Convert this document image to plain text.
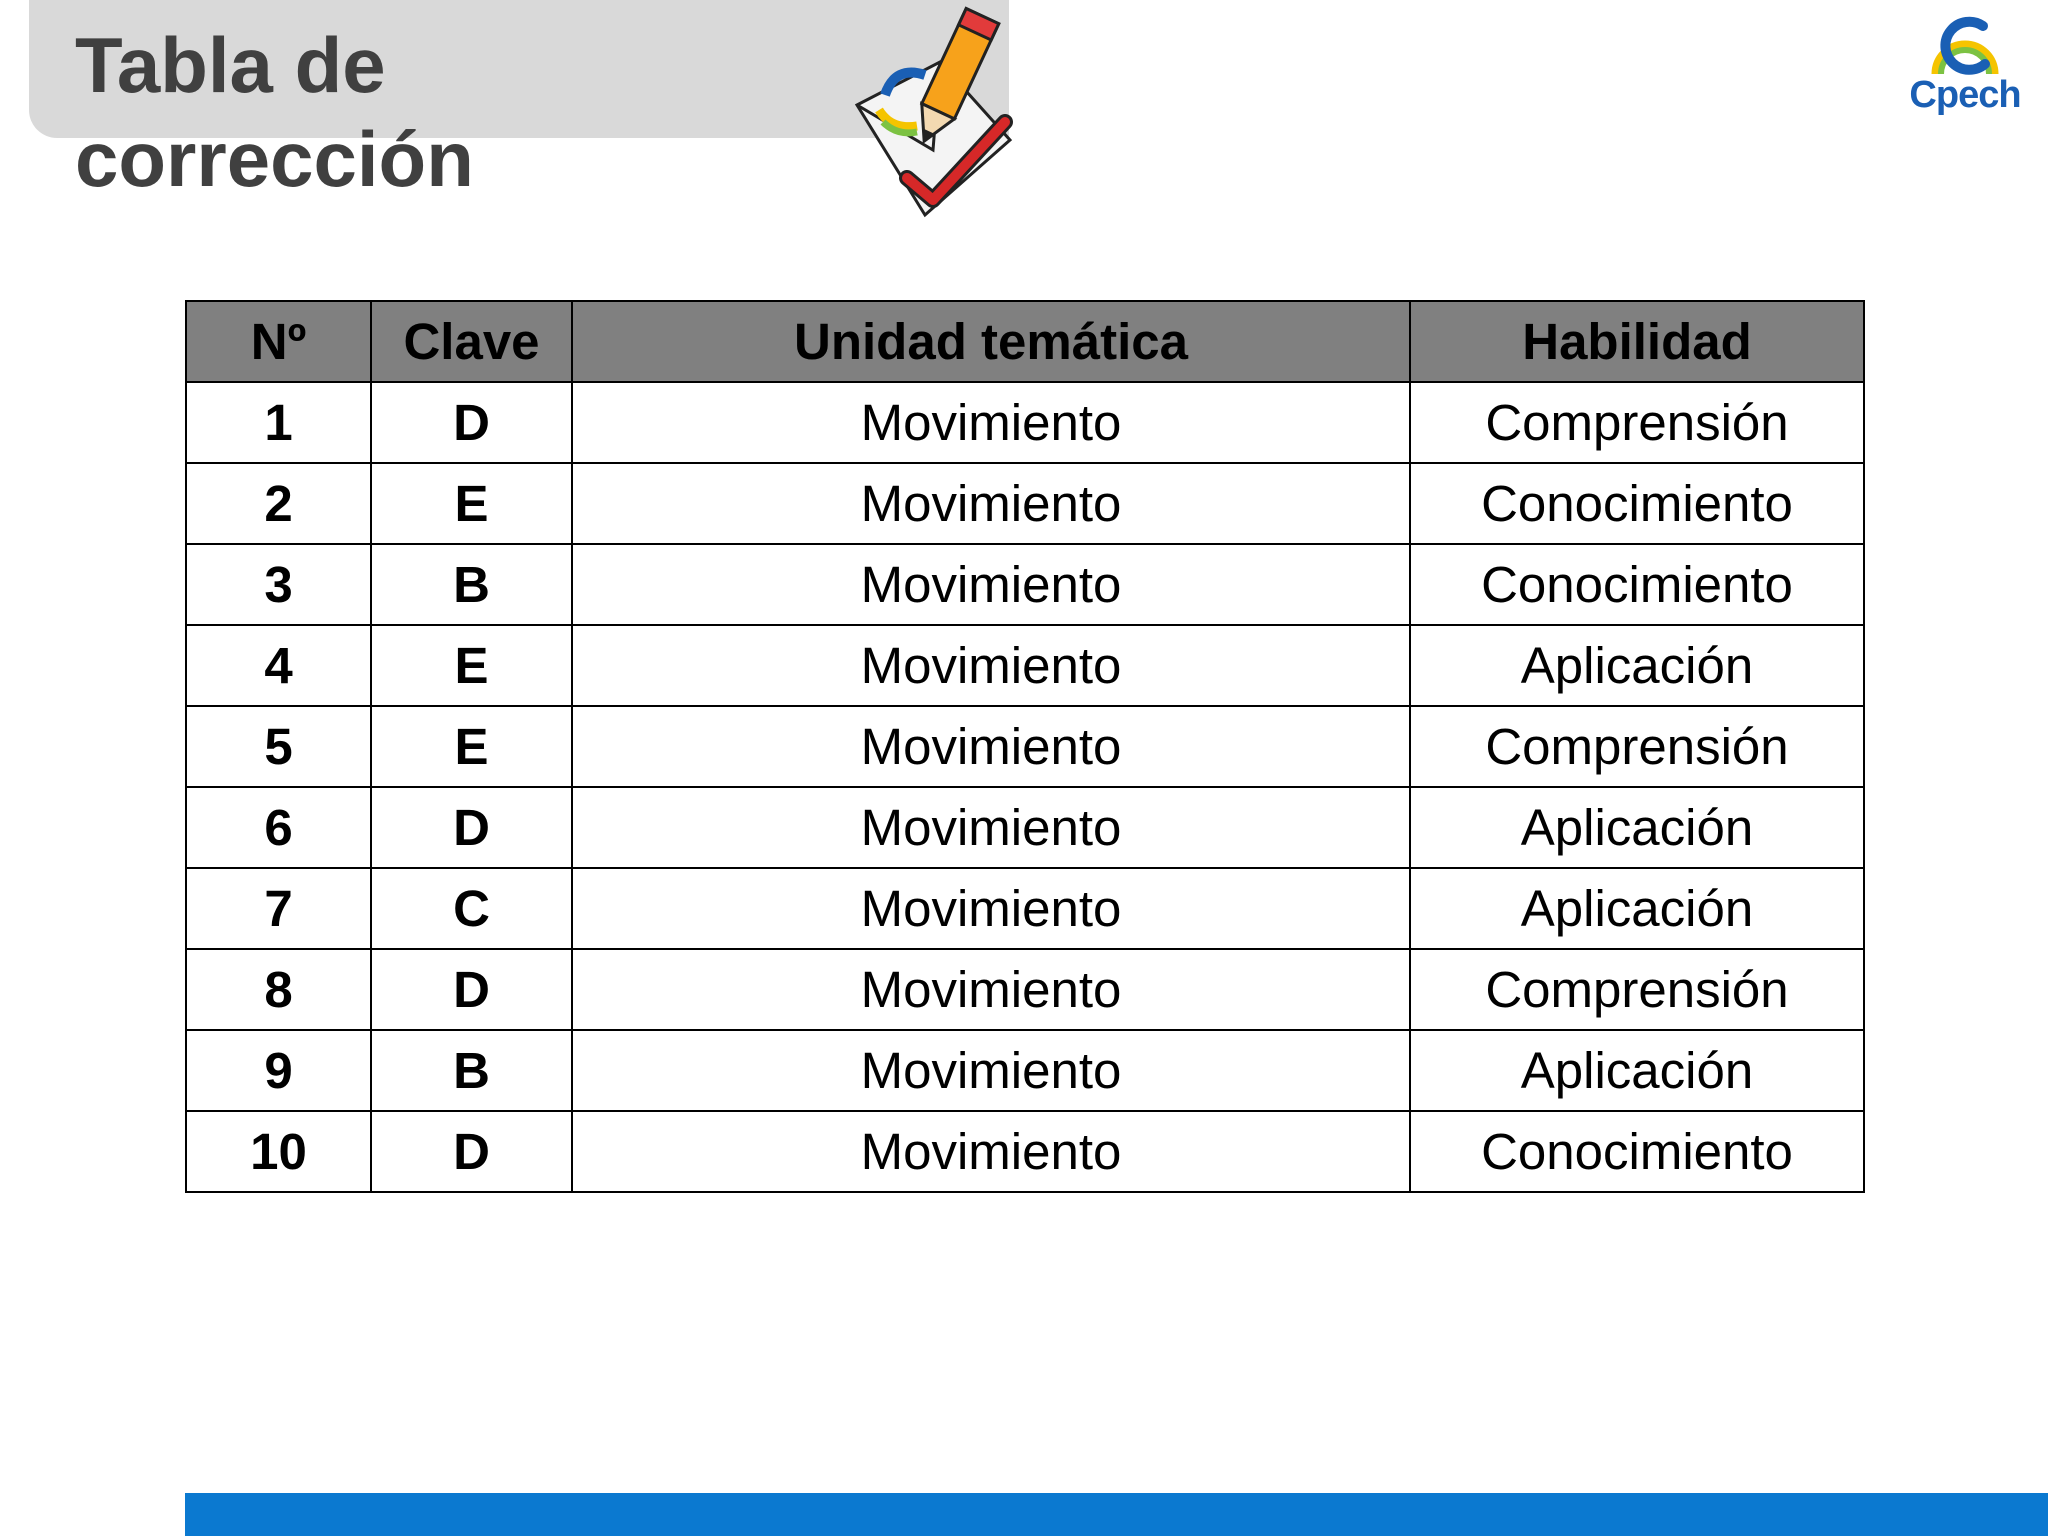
Tabla de
corrección
Cpech
Nº	Clave	Unidad temática	Habilidad
1	D	Movimiento	Comprensión
2	E	Movimiento	Conocimiento
3	B	Movimiento	Conocimiento
4	E	Movimiento	Aplicación
5	E	Movimiento	Comprensión
6	D	Movimiento	Aplicación
7	C	Movimiento	Aplicación
8	D	Movimiento	Comprensión
9	B	Movimiento	Aplicación
10	D	Movimiento	Conocimiento
